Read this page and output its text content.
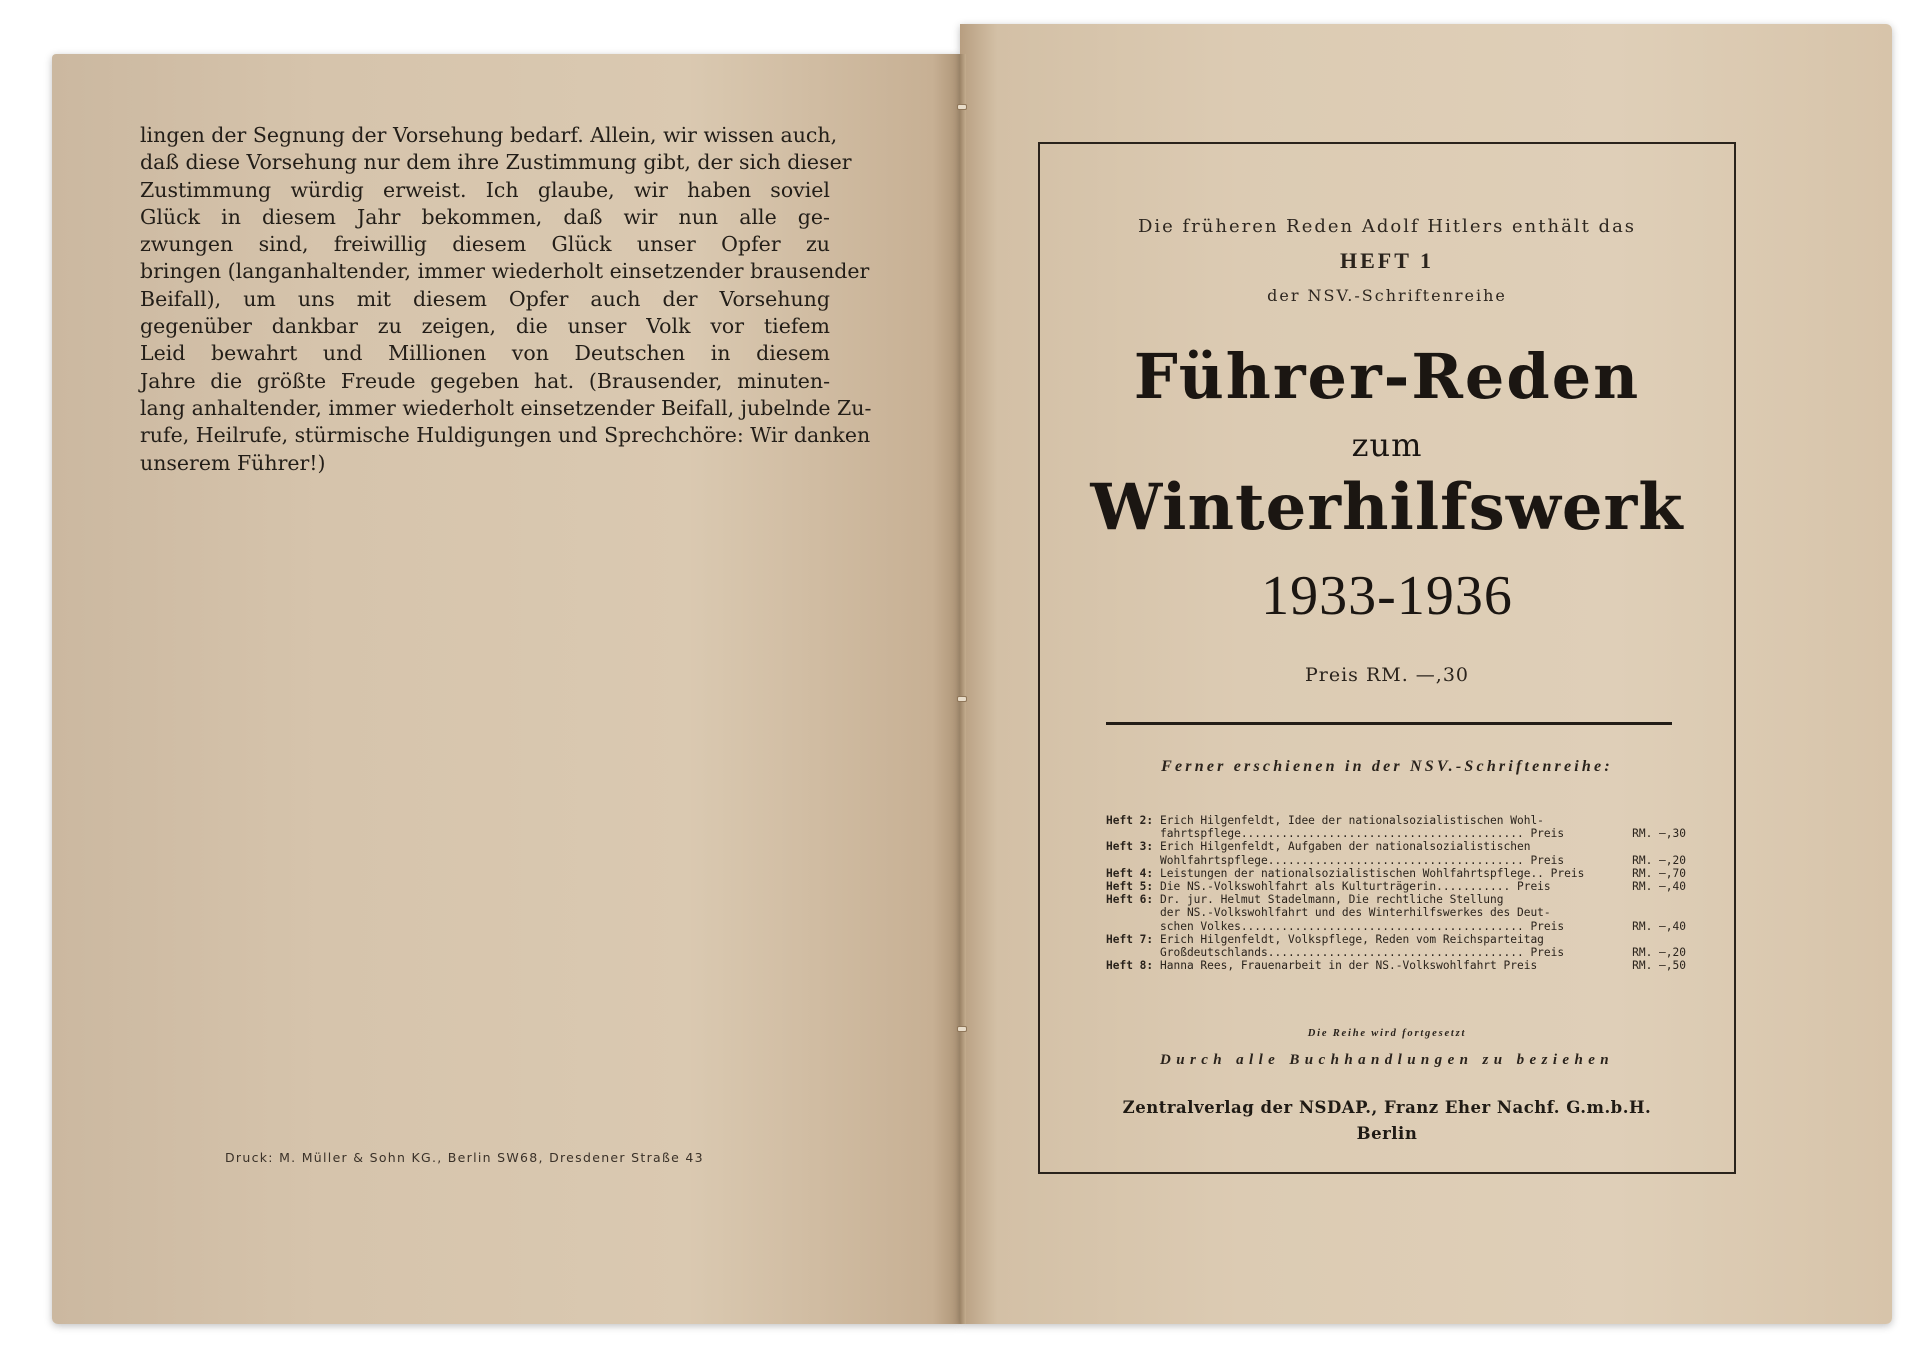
lingen der Segnung der Vorsehung bedarf. Allein, wir wissen auch,
daß diese Vorsehung nur dem ihre Zustimmung gibt, der sich dieser
Zustimmung würdig erweist. Ich glaube, wir haben soviel
Glück in diesem Jahr bekommen, daß wir nun alle ge-
zwungen sind, freiwillig diesem Glück unser Opfer zu
bringen (langanhaltender, immer wiederholt einsetzender brausender
Beifall), um uns mit diesem Opfer auch der Vorsehung
gegenüber dankbar zu zeigen, die unser Volk vor tiefem
Leid bewahrt und Millionen von Deutschen in diesem
Jahre die größte Freude gegeben hat. (Brausender, minuten-
lang anhaltender, immer wiederholt einsetzender Beifall, jubelnde Zu-
rufe, Heilrufe, stürmische Huldigungen und Sprechchöre: Wir danken
unserem Führer!)
Druck: M. Müller & Sohn KG., Berlin SW68, Dresdener Straße 43
Die früheren Reden Adolf Hitlers enthält das
HEFT 1
der NSV.-Schriftenreihe
Führer-Reden
zum
Winterhilfswerk
1933-1936
Preis RM. —,30
Ferner erschienen in der NSV.-Schriftenreihe:
Heft 2: Erich Hilgenfeldt, Idee der nationalsozialistischen Wohl-
fahrtspflege.......................................... Preis	RM. —,30
Heft 3: Erich Hilgenfeldt, Aufgaben der nationalsozialistischen
Wohlfahrtspflege...................................... Preis	RM. —,20
Heft 4: Leistungen der nationalsozialistischen Wohlfahrtspflege.. Preis	RM. —,70
Heft 5: Die NS.-Volkswohlfahrt als Kulturträgerin........... Preis	RM. —,40
Heft 6: Dr. jur. Helmut Stadelmann, Die rechtliche Stellung
der NS.-Volkswohlfahrt und des Winterhilfswerkes des Deut-
schen Volkes.......................................... Preis	RM. —,40
Heft 7: Erich Hilgenfeldt, Volkspflege, Reden vom Reichsparteitag
Großdeutschlands...................................... Preis	RM. —,20
Heft 8: Hanna Rees, Frauenarbeit in der NS.-Volkswohlfahrt Preis	RM. —,50
Die Reihe wird fortgesetzt
Durch alle Buchhandlungen zu beziehen
Zentralverlag der NSDAP., Franz Eher Nachf. G.m.b.H.
Berlin
